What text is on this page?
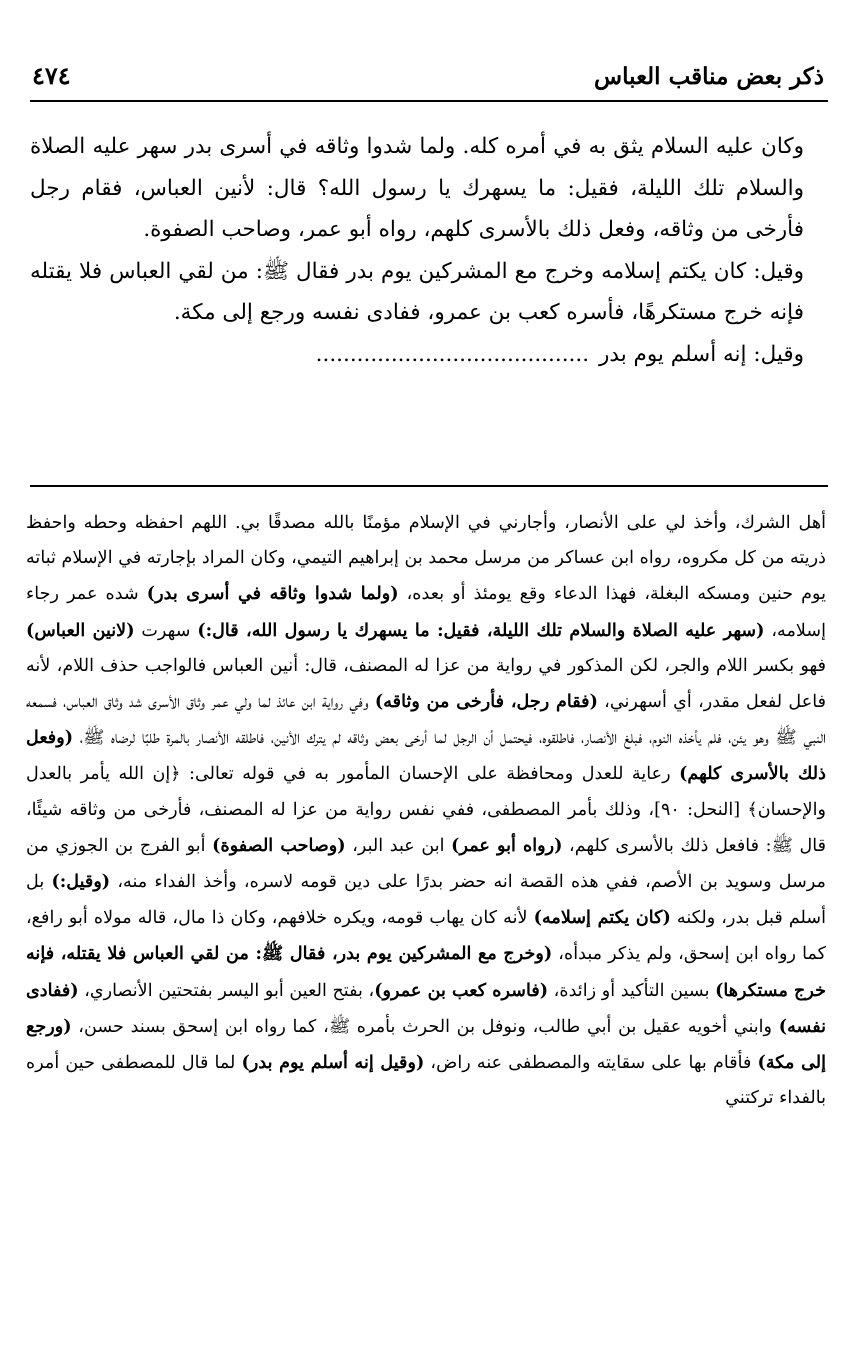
ذكر بعض مناقب العباس
٤٧٤

وكان عليه السلام يثق به في أمره كله. ولما شدوا وثاقه في أسرى بدر سهر عليه الصلاة والسلام تلك الليلة، فقيل: ما يسهرك يا رسول الله؟ قال: لأنين العباس، فقام رجل فأرخى من وثاقه، وفعل ذلك بالأسرى كلهم، رواه أبو عمر، وصاحب الصفوة.

وقيل: كان يكتم إسلامه وخرج مع المشركين يوم بدر فقال ﷺ: من لقي العباس فلا يقتله فإنه خرج مستكرهًا، فأسره كعب بن عمرو، ففادى نفسه ورجع إلى مكة.

وقيل: إنه أسلم يوم بدر........................................

أهل الشرك، وأخذ لي على الأنصار، وأجارني في الإسلام مؤمنًا بالله مصدقًا بي. اللهم احفظه وحطه واحفظ ذريته من كل مكروه، رواه ابن عساكر من مرسل محمد بن إبراهيم التيمي، وكان المراد بإجارته في الإسلام ثباته يوم حنين ومسكه البغلة، فهذا الدعاء وقع يومئذ أو بعده، (ولما شدوا وثاقه في أسرى بدر) شده عمر رجاء إسلامه، (سهر عليه الصلاة والسلام تلك الليلة، فقيل: ما يسهرك يا رسول الله، قال:) سهرت (لانين العباس) فهو بكسر اللام والجر، لكن المذكور في رواية من عزا له المصنف، قال: أنين العباس فالواجب حذف اللام، لأنه فاعل لفعل مقدر، أي أسهرني، (فقام رجل، فأرخى من وثاقه) وفي رواية ابن عائذ لما ولي عمر وثاق الأسرى شد وثاق العباس، فسمعه النبي ﷺ وهو يئن، فلم يأخذه النوم، فبلغ الأنصار، فاطلقوه، فيحتمل أن الرجل لما أرخى بعض وثاقه لم يترك الأنين، فاطلقه الأنصار بالمرة طلبًا لرضاه ﷺ، (وفعل ذلك بالأسرى كلهم) رعاية للعدل ومحافظة على الإحسان المأمور به في قوله تعالى: ﴿إن الله يأمر بالعدل والإحسان﴾ [النحل: ٩٠]، وذلك بأمر المصطفى، ففي نفس رواية من عزا له المصنف، فأرخى من وثاقه شيئًا، قال ﷺ: فافعل ذلك بالأسرى كلهم، (رواه أبو عمر) ابن عبد البر، (وصاحب الصفوة) أبو الفرج بن الجوزي من مرسل وسويد بن الأصم، ففي هذه القصة انه حضر بدرًا على دين قومه لاسره، وأخذ الفداء منه، (وقيل:) بل أسلم قبل بدر، ولكنه (كان يكتم إسلامه) لأنه كان يهاب قومه، ويكره خلافهم، وكان ذا مال، قاله مولاه أبو رافع، كما رواه ابن إسحق، ولم يذكر مبدأه، (وخرج مع المشركين يوم بدر، فقال ﷺ: من لقي العباس فلا يقتله، فإنه خرج مستكرها) بسين التأكيد أو زائدة، (فاسره كعب بن عمرو)، بفتح العين أبو اليسر بفتحتين الأنصاري، (ففادى نفسه) وابني أخويه عقيل بن أبي طالب، ونوفل بن الحرث بأمره ﷺ، كما رواه ابن إسحق بسند حسن، (ورجع إلى مكة) فأقام بها على سقايته والمصطفى عنه راض، (وقيل إنه أسلم يوم بدر) لما قال للمصطفى حين أمره بالفداء تركتني
